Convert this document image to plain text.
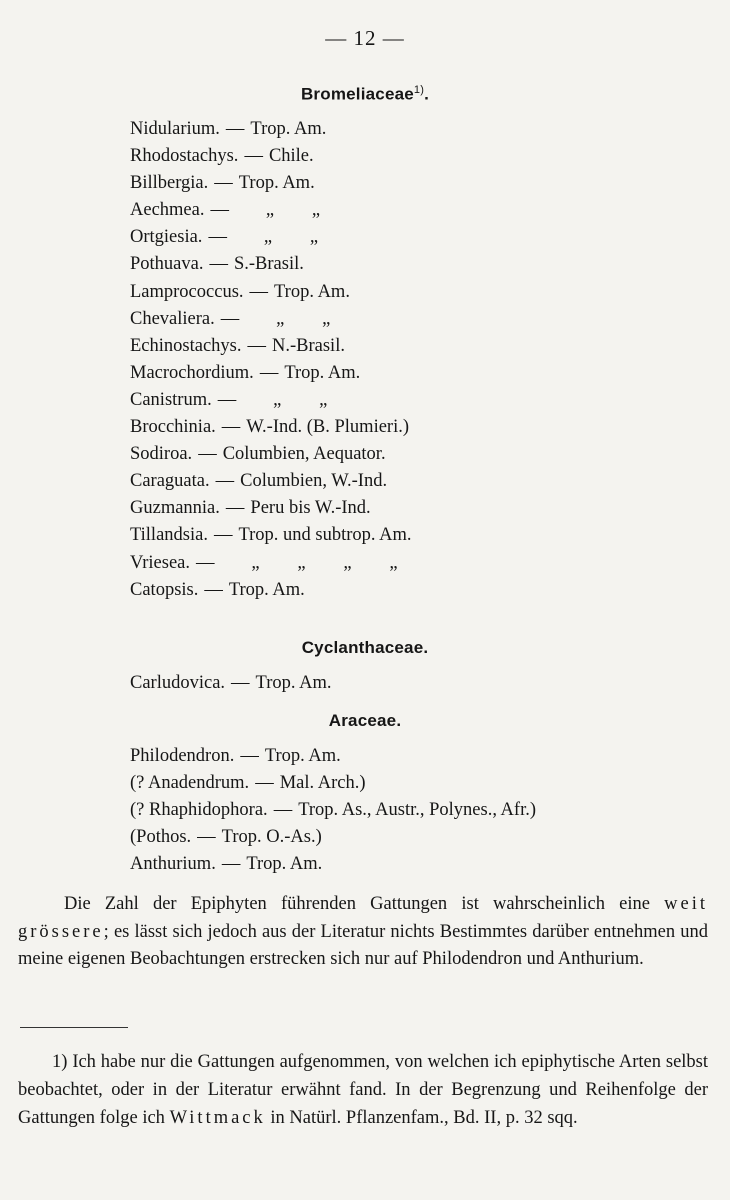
— 12 —
Bromeliaceae$^{1)}$.
Nidularium. — Trop. Am.
Rhodostachys. — Chile.
Billbergia. — Trop. Am.
Aechmea. — „ „
Ortgiesia. — „ „
Pothuava. — S.-Brasil.
Lamprococcus. — Trop. Am.
Chevaliera. — „ „
Echinostachys. — N.-Brasil.
Macrochordium. — Trop. Am.
Canistrum. — „ „
Brocchinia. — W.-Ind. (B. Plumieri.)
Sodiroa. — Columbien, Aequator.
Caraguata. — Columbien, W.-Ind.
Guzmannia. — Peru bis W.-Ind.
Tillandsia. — Trop. und subtrop. Am.
Vriesea. — „ „ „ „
Catopsis. — Trop. Am.
Cyclanthaceae.
Carludovica. — Trop. Am.
Araceae.
Philodendron. — Trop. Am.
(? Anadendrum. — Mal. Arch.)
(? Rhaphidophora. — Trop. As., Austr., Polynes., Afr.)
(Pothos. — Trop. O.-As.)
Anthurium. — Trop. Am.

Die Zahl der Epiphyten führenden Gattungen ist wahrscheinlich eine weit grössere; es lässt sich jedoch aus der Literatur nichts Bestimmtes darüber entnehmen und meine eigenen Beobachtungen erstrecken sich nur auf Philodendron und Anthurium.

1) Ich habe nur die Gattungen aufgenommen, von welchen ich epiphytische Arten selbst beobachtet, oder in der Literatur erwähnt fand. In der Begrenzung und Reihenfolge der Gattungen folge ich Wittmack in Natürl. Pflanzenfam., Bd. II, p. 32 sqq.
